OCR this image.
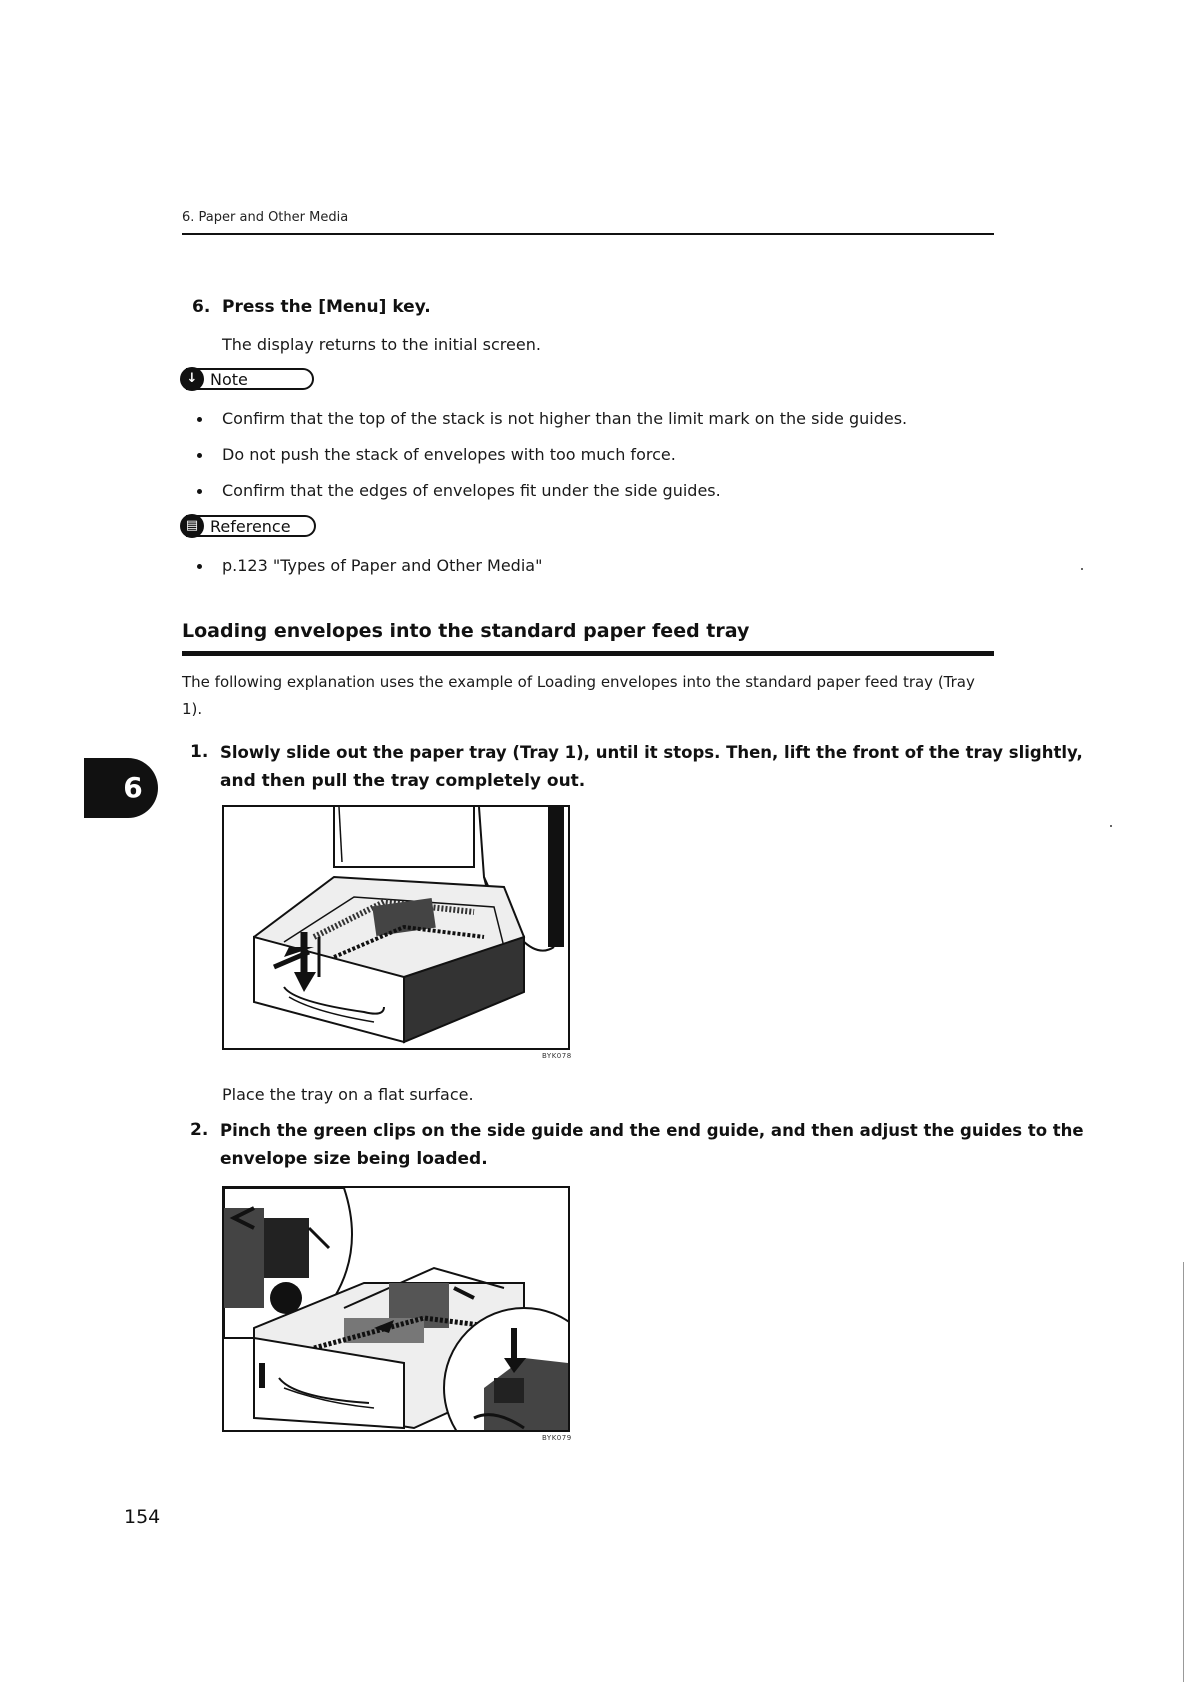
6. Paper and Other Media
6. Press the [Menu] key.
The display returns to the initial screen.
↓ Note
Confirm that the top of the stack is not higher than the limit mark on the side guides.
Do not push the stack of envelopes with too much force.
Confirm that the edges of envelopes fit under the side guides.
▤ Reference
p.123 "Types of Paper and Other Media"
Loading envelopes into the standard paper feed tray
The following explanation uses the example of Loading envelopes into the standard paper feed tray (Tray
1).
6
1. Slowly slide out the paper tray (Tray 1), until it stops. Then, lift the front of the tray slightly,
and then pull the tray completely out.
BYK078
Place the tray on a flat surface.
2. Pinch the green clips on the side guide and the end guide, and then adjust the guides to the
envelope size being loaded.
BYK079
154
